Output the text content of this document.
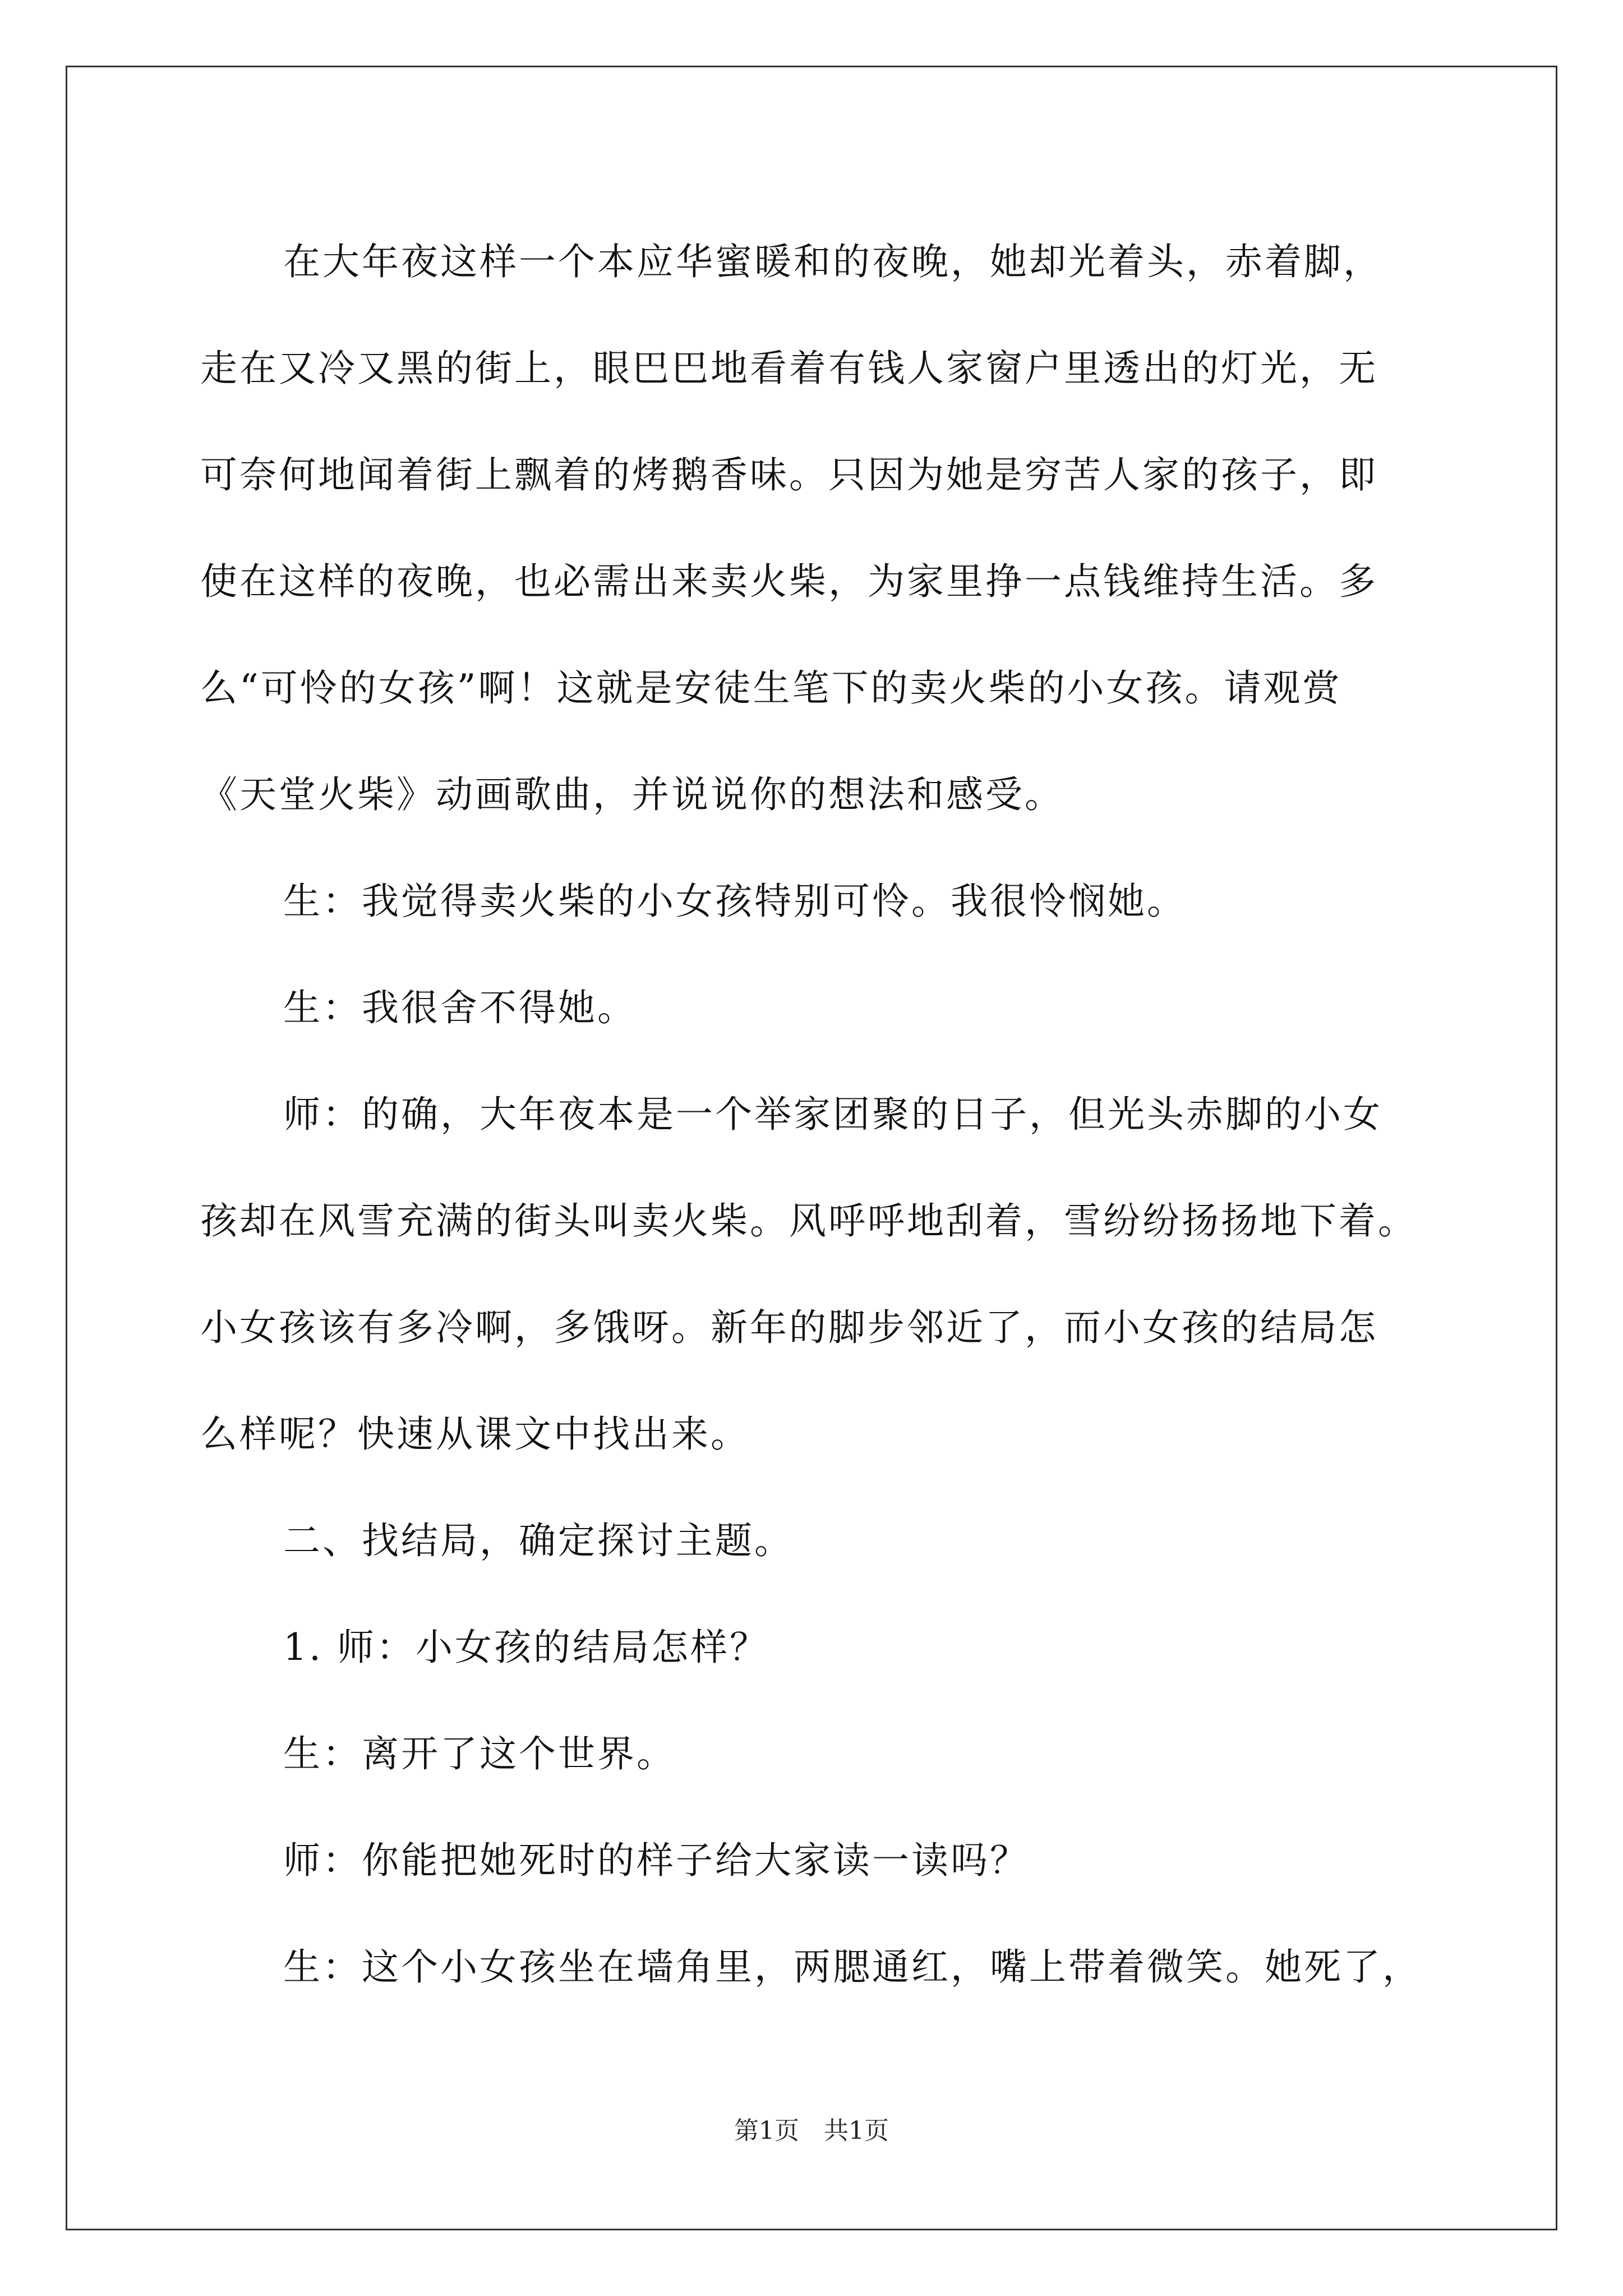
在大年夜这样一个本应华蜜暖和的夜晚，她却光着头，赤着脚，
走在又冷又黑的街上，眼巴巴地看着有钱人家窗户里透出的灯光，无
可奈何地闻着街上飘着的烤鹅香味。只因为她是穷苦人家的孩子，即
使在这样的夜晚，也必需出来卖火柴，为家里挣一点钱维持生活。多
么“可怜的女孩”啊！这就是安徒生笔下的卖火柴的小女孩。请观赏
《天堂火柴》动画歌曲，并说说你的想法和感受。
生：我觉得卖火柴的小女孩特别可怜。我很怜悯她。
生：我很舍不得她。
师：的确，大年夜本是一个举家团聚的日子，但光头赤脚的小女
孩却在风雪充满的街头叫卖火柴。风呼呼地刮着，雪纷纷扬扬地下着。
小女孩该有多冷啊，多饿呀。新年的脚步邻近了，而小女孩的结局怎
么样呢？快速从课文中找出来。
二、找结局，确定探讨主题。
1. 师：小女孩的结局怎样？
生：离开了这个世界。
师：你能把她死时的样子给大家读一读吗？
生：这个小女孩坐在墙角里，两腮通红，嘴上带着微笑。她死了，
第1页 共1页
